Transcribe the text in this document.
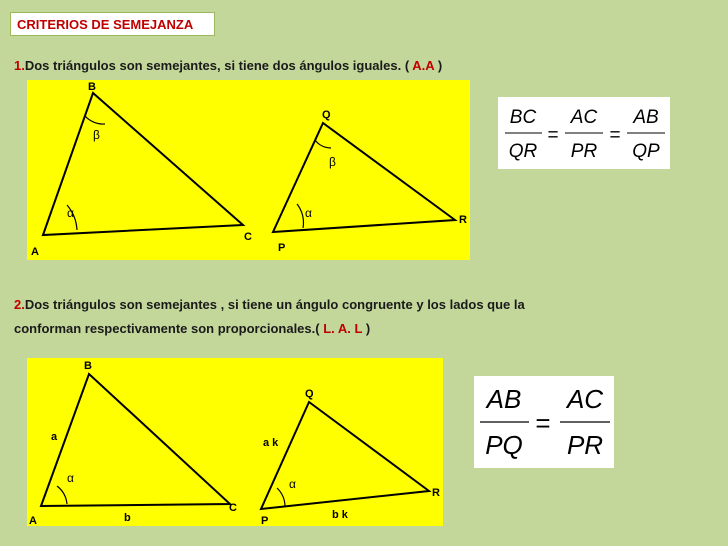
CRITERIOS DE SEMEJANZA
1.Dos triángulos son semejantes, si tiene dos ángulos iguales. ( A.A )
B
A
C
Q
P
R
β
α
β
α
BC
QR
AC
PR
AB
QP
=	=
2.Dos triángulos son semejantes , si tiene un ángulo congruente y los lados que la
conforman respectivamente son proporcionales.( L. A. L )
B
A
C
Q
P
R
a
b
a k
b k
α	α
AB
PQ
AC
PR
=
